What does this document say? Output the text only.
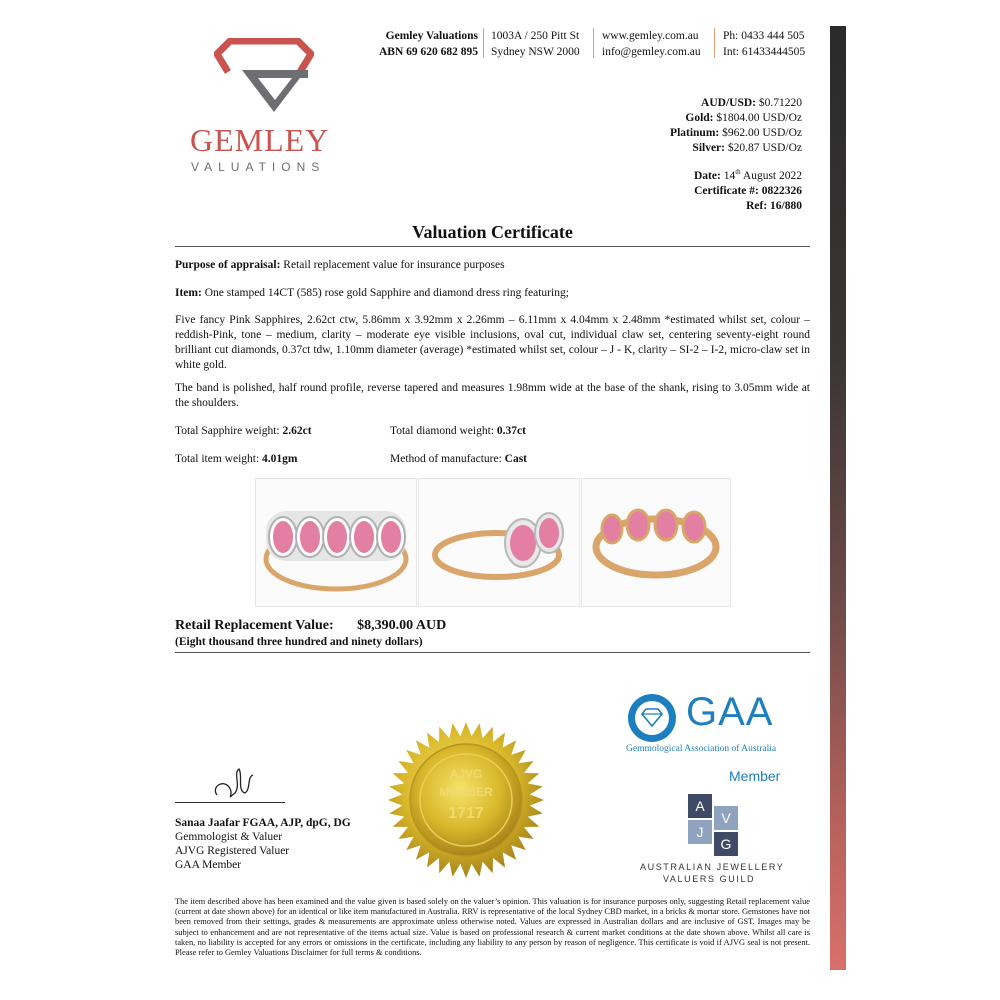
GEMLEY
VALUATIONS
Gemley Valuations
ABN 69 620 682 895
1003A / 250 Pitt St
Sydney NSW 2000
www.gemley.com.au
info@gemley.com.au
Ph: 0433 444 505
Int: 61433444505
AUD/USD: $0.71220
Gold: $1804.00 USD/Oz
Platinum: $962.00 USD/Oz
Silver: $20.87 USD/Oz
Date: 14th August 2022
Certificate #: 0822326
Ref: 16/880
Valuation Certificate
Purpose of appraisal: Retail replacement value for insurance purposes
Item: One stamped 14CT (585) rose gold Sapphire and diamond dress ring featuring;
Five fancy Pink Sapphires, 2.62ct ctw, 5.86mm x 3.92mm x 2.26mm – 6.11mm x 4.04mm x 2.48mm *estimated whilst set, colour – reddish-Pink, tone – medium, clarity – moderate eye visible inclusions, oval cut, individual claw set, centering seventy-eight round brilliant cut diamonds, 0.37ct tdw, 1.10mm diameter (average) *estimated whilst set, colour – J - K, clarity – SI-2 – I-2, micro-claw set in white gold.
The band is polished, half round profile, reverse tapered and measures 1.98mm wide at the base of the shank, rising to 3.05mm wide at the shoulders.
Total Sapphire weight: 2.62ct	Total diamond weight: 0.37ct
Total item weight: 4.01gm	Method of manufacture: Cast
Retail Replacement Value: $8,390.00 AUD
(Eight thousand three hundred and ninety dollars)
AJVG
MEMBER
1717
Sanaa Jaafar FGAA, AJP, dpG, DG
Gemmologist & Valuer
AJVG Registered Valuer
GAA Member
GAA
Gemmological Association of Australia
Member
A
V
J
G
AUSTRALIAN JEWELLERY
VALUERS GUILD
The item described above has been examined and the value given is based solely on the valuer’s opinion. This valuation is for insurance purposes only, suggesting Retail replacement value (current at date shown above) for an identical or like item manufactured in Australia. RRV is representative of the local Sydney CBD market, in a bricks & mortar store. Gemstones have not been removed from their settings, grades & measurements are approximate unless otherwise noted. Values are expressed in Australian dollars and are inclusive of GST. Images may be subject to enhancement and are not representative of the items actual size. Value is based on professional research & current market conditions at the date shown above. Whilst all care is taken, no liability is accepted for any errors or omissions in the certificate, including any liability to any person by reason of negligence. This certificate is void if AJVG seal is not present. Please refer to Gemley Valuations Disclaimer for full terms & conditions.
